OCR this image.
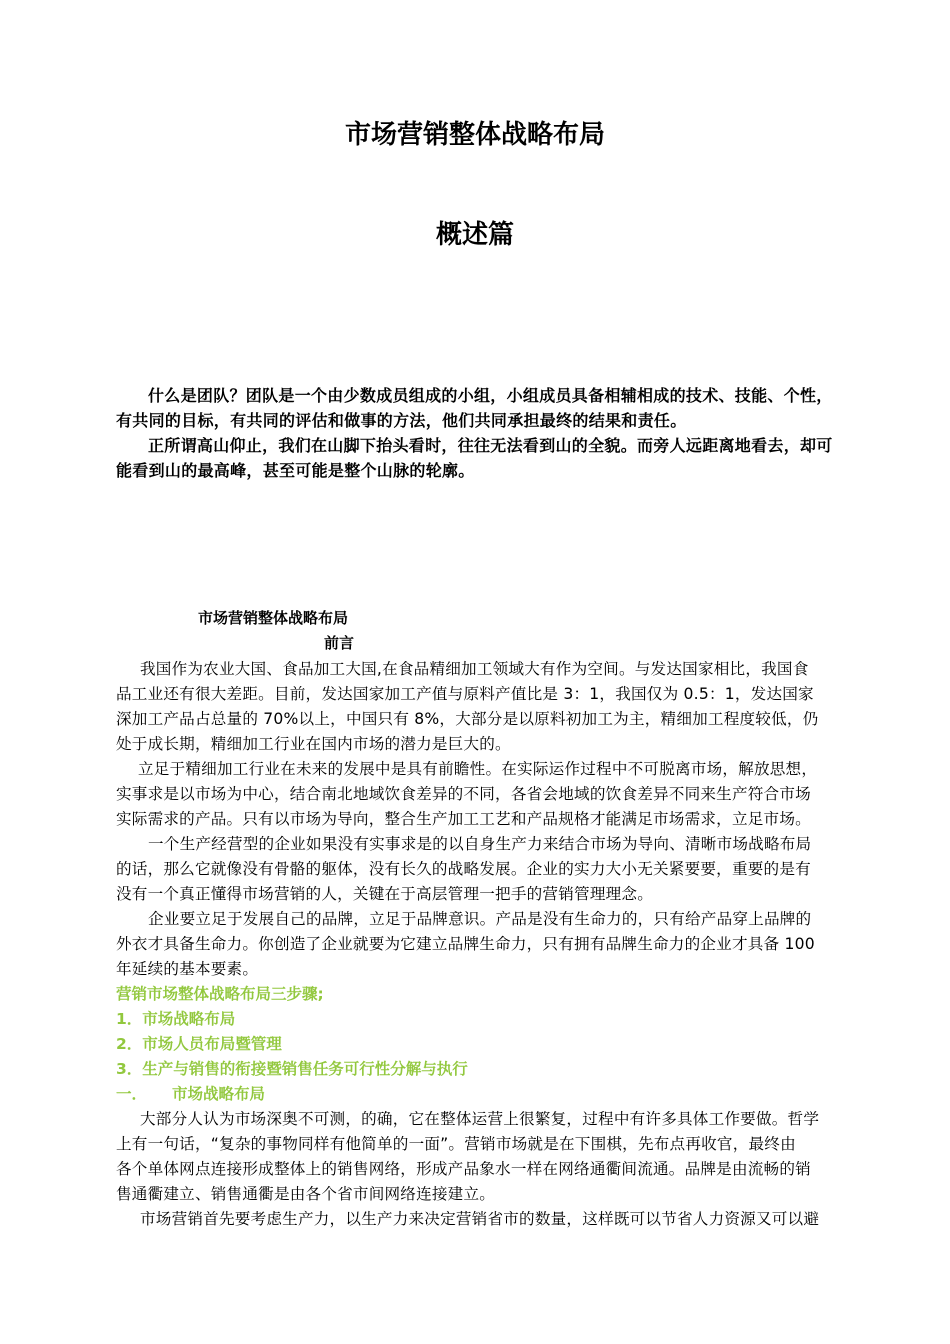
市场营销整体战略布局
概述篇
什么是团队？团队是一个由少数成员组成的小组，小组成员具备相辅相成的技术、技能、个性，
有共同的目标，有共同的评估和做事的方法，他们共同承担最终的结果和责任。
正所谓高山仰止，我们在山脚下抬头看时，往往无法看到山的全貌。而旁人远距离地看去，却可
能看到山的最高峰，甚至可能是整个山脉的轮廓。
市场营销整体战略布局
前言
我国作为农业大国、食品加工大国,在食品精细加工领域大有作为空间。与发达国家相比，我国食
品工业还有很大差距。目前，发达国家加工产值与原料产值比是 3：1，我国仅为 0.5：1，发达国家
深加工产品占总量的 70%以上，中国只有 8%，大部分是以原料初加工为主，精细加工程度较低，仍
处于成长期，精细加工行业在国内市场的潜力是巨大的。
立足于精细加工行业在未来的发展中是具有前瞻性。在实际运作过程中不可脱离市场，解放思想，
实事求是以市场为中心，结合南北地域饮食差异的不同，各省会地域的饮食差异不同来生产符合市场
实际需求的产品。只有以市场为导向，整合生产加工工艺和产品规格才能满足市场需求，立足市场。
一个生产经营型的企业如果没有实事求是的以自身生产力来结合市场为导向、清晰市场战略布局
的话，那么它就像没有骨骼的躯体，没有长久的战略发展。企业的实力大小无关紧要要，重要的是有
没有一个真正懂得市场营销的人，关键在于高层管理一把手的营销管理理念。
企业要立足于发展自己的品牌，立足于品牌意识。产品是没有生命力的，只有给产品穿上品牌的
外衣才具备生命力。你创造了企业就要为它建立品牌生命力，只有拥有品牌生命力的企业才具备 100
年延续的基本要素。
营销市场整体战略布局三步骤;
1．市场战略布局
2．市场人员布局暨管理
3．生产与销售的衔接暨销售任务可行性分解与执行
一． 市场战略布局
大部分人认为市场深奥不可测，的确，它在整体运营上很繁复，过程中有许多具体工作要做。哲学
上有一句话，“复杂的事物同样有他简单的一面”。营销市场就是在下围棋，先布点再收官，最终由
各个单体网点连接形成整体上的销售网络，形成产品象水一样在网络通衢间流通。品牌是由流畅的销
售通衢建立、销售通衢是由各个省市间网络连接建立。
市场营销首先要考虑生产力，以生产力来决定营销省市的数量，这样既可以节省人力资源又可以避
